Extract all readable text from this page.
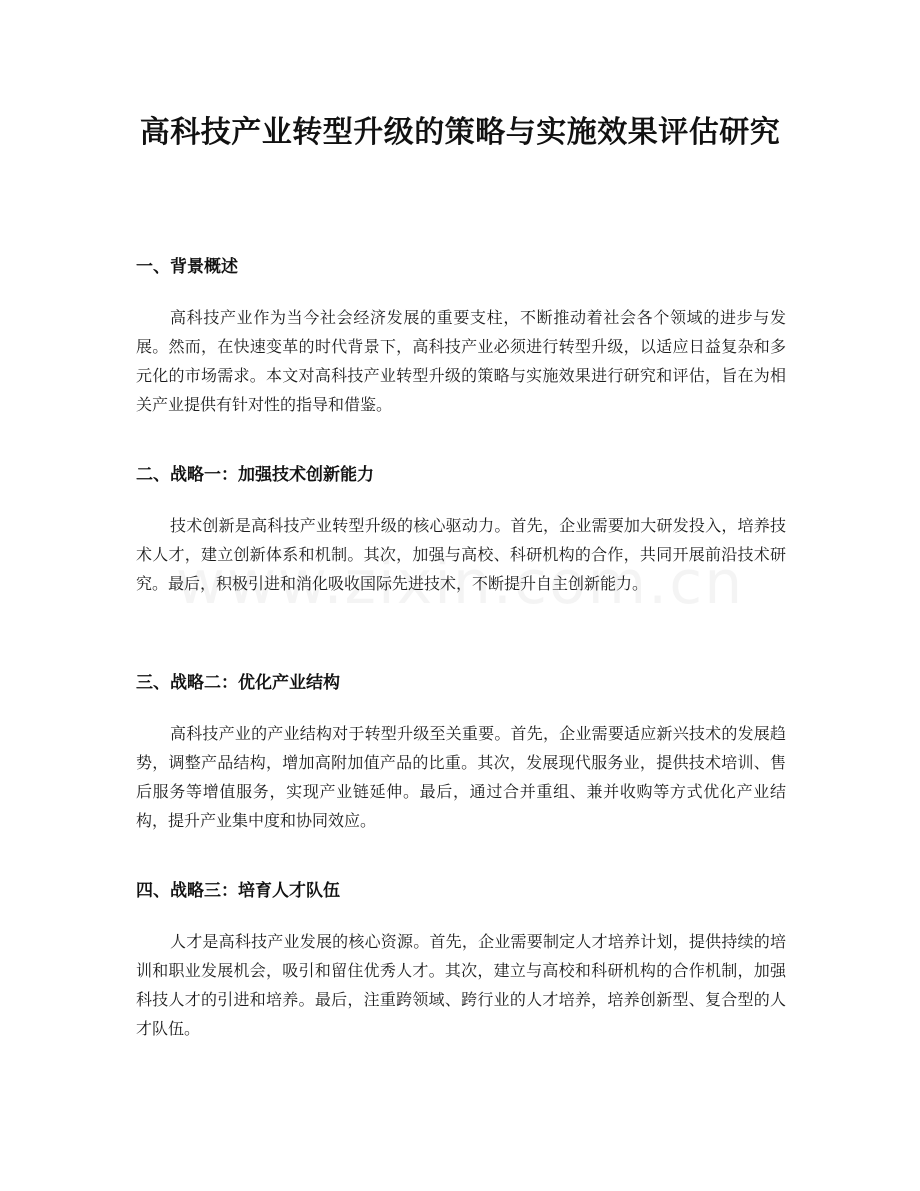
高科技产业转型升级的策略与实施效果评估研究
一、背景概述

高科技产业作为当今社会经济发展的重要支柱，不断推动着社会各个领域的进步与发展。然而，在快速变革的时代背景下，高科技产业必须进行转型升级，以适应日益复杂和多元化的市场需求。本文对高科技产业转型升级的策略与实施效果进行研究和评估，旨在为相关产业提供有针对性的指导和借鉴。

二、战略一：加强技术创新能力

技术创新是高科技产业转型升级的核心驱动力。首先，企业需要加大研发投入，培养技术人才，建立创新体系和机制。其次，加强与高校、科研机构的合作，共同开展前沿技术研究。最后，积极引进和消化吸收国际先进技术，不断提升自主创新能力。

三、战略二：优化产业结构

高科技产业的产业结构对于转型升级至关重要。首先，企业需要适应新兴技术的发展趋势，调整产品结构，增加高附加值产品的比重。其次，发展现代服务业，提供技术培训、售后服务等增值服务，实现产业链延伸。最后，通过合并重组、兼并收购等方式优化产业结构，提升产业集中度和协同效应。

四、战略三：培育人才队伍

人才是高科技产业发展的核心资源。首先，企业需要制定人才培养计划，提供持续的培训和职业发展机会，吸引和留住优秀人才。其次，建立与高校和科研机构的合作机制，加强科技人才的引进和培养。最后，注重跨领域、跨行业的人才培养，培养创新型、复合型的人才队伍。
